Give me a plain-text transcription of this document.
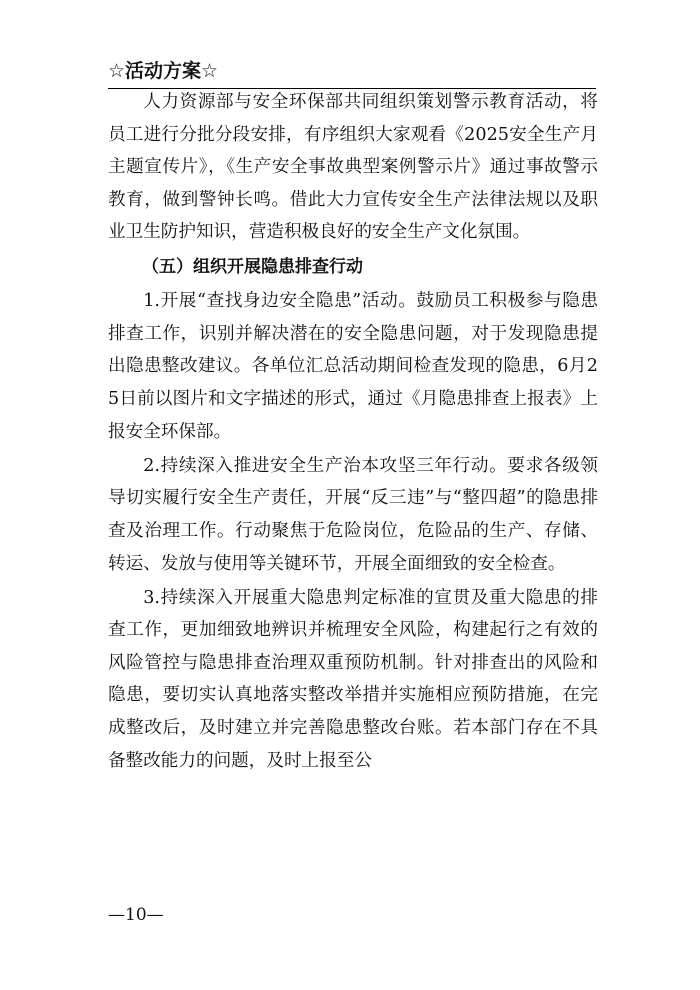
☆活动方案☆

人力资源部与安全环保部共同组织策划警示教育活动，将员工进行分批分段安排，有序组织大家观看《2025安全生产月主题宣传片》，《生产安全事故典型案例警示片》通过事故警示教育，做到警钟长鸣。借此大力宣传安全生产法律法规以及职业卫生防护知识，营造积极良好的安全生产文化氛围。

（五）组织开展隐患排查行动

1.开展“查找身边安全隐患”活动。鼓励员工积极参与隐患排查工作，识别并解决潜在的安全隐患问题，对于发现隐患提出隐患整改建议。各单位汇总活动期间检查发现的隐患，6月25日前以图片和文字描述的形式，通过《月隐患排查上报表》上报安全环保部。

2.持续深入推进安全生产治本攻坚三年行动。要求各级领导切实履行安全生产责任，开展“反三违”与“整四超”的隐患排查及治理工作。行动聚焦于危险岗位，危险品的生产、存储、转运、发放与使用等关键环节，开展全面细致的安全检查。

3.持续深入开展重大隐患判定标准的宣贯及重大隐患的排查工作，更加细致地辨识并梳理安全风险，构建起行之有效的风险管控与隐患排查治理双重预防机制。针对排查出的风险和隐患，要切实认真地落实整改举措并实施相应预防措施，在完成整改后，及时建立并完善隐患整改台账。若本部门存在不具备整改能力的问题，及时上报至公

—10—
